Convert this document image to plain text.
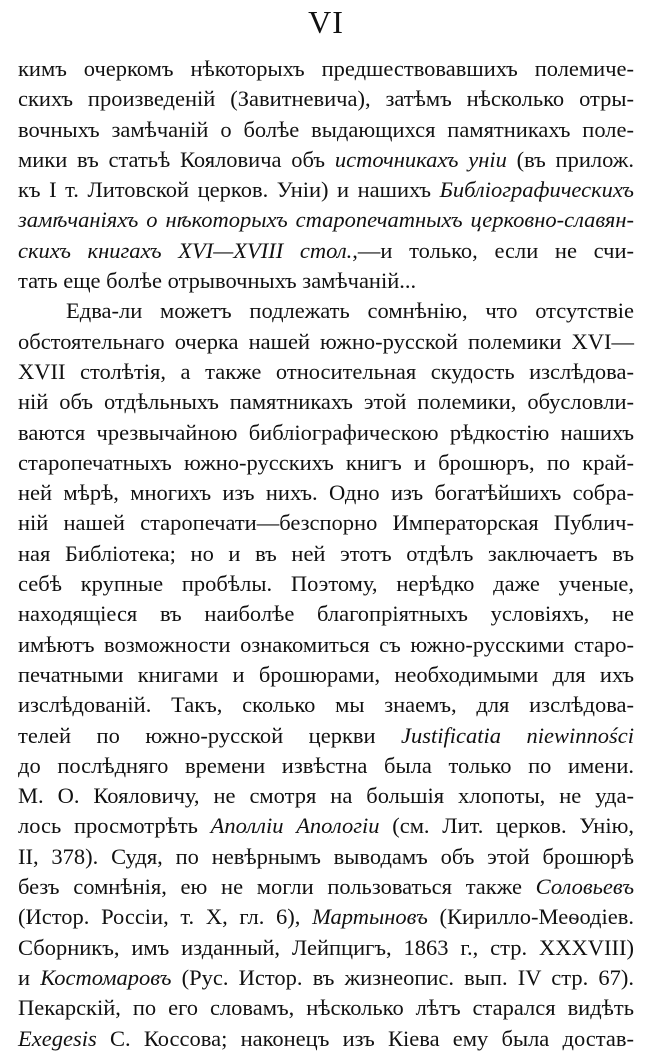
VI
кимъ очеркомъ нѣкоторыхъ предшествовавшихъ полемиче-
скихъ произведеній (Завитневича), затѣмъ нѣсколько отры-
вочныхъ замѣчаній о болѣе выдающихся памятникахъ поле-
мики въ статьѣ Кояловича объ источникахъ уніи (въ прилож.
къ I т. Литовской церков. Уніи) и нашихъ Библіографическихъ
замѣчаніяхъ о нѣкоторыхъ старопечатныхъ церковно-славян-
скихъ книгахъ XVI—XVIII стол.,—и только, если не счи-
тать еще болѣе отрывочныхъ замѣчаній...
Едва-ли можетъ подлежать сомнѣнію, что отсутствіе
обстоятельнаго очерка нашей южно-русской полемики XVI—
XVII столѣтія, а также относительная скудость изслѣдова-
ній объ отдѣльныхъ памятникахъ этой полемики, обусловли-
ваются чрезвычайною библіографическою рѣдкостію нашихъ
старопечатныхъ южно-русскихъ книгъ и брошюръ, по край-
ней мѣрѣ, многихъ изъ нихъ. Одно изъ богатѣйшихъ собра-
ній нашей старопечати—безспорно Императорская Публич-
ная Библіотека; но и въ ней этотъ отдѣлъ заключаетъ въ
себѣ крупные пробѣлы. Поэтому, нерѣдко даже ученые,
находящіеся въ наиболѣе благопріятныхъ условіяхъ, не
имѣютъ возможности ознакомиться съ южно-русскими старо-
печатными книгами и брошюрами, необходимыми для ихъ
изслѣдованій. Такъ, сколько мы знаемъ, для изслѣдова-
телей по южно-русской церкви Justificatia niewinności
до послѣдняго времени извѣстна была только по имени.
М. О. Кояловичу, не смотря на большія хлопоты, не уда-
лось просмотрѣть Аполліи Апологіи (см. Лит. церков. Унію,
II, 378). Судя, по невѣрнымъ выводамъ объ этой брошюрѣ
безъ сомнѣнія, ею не могли пользоваться также Соловьевъ
(Истор. Россіи, т. X, гл. 6), Мартыновъ (Кирилло-Меѳодіев.
Сборникъ, имъ изданный, Лейпцигъ, 1863 г., стр. XXXVIII)
и Костомаровъ (Рус. Истор. въ жизнеопис. вып. IV стр. 67).
Пекарскій, по его словамъ, нѣсколько лѣтъ старался видѣть
Exegesis С. Коссова; наконецъ изъ Кіева ему была достав-
